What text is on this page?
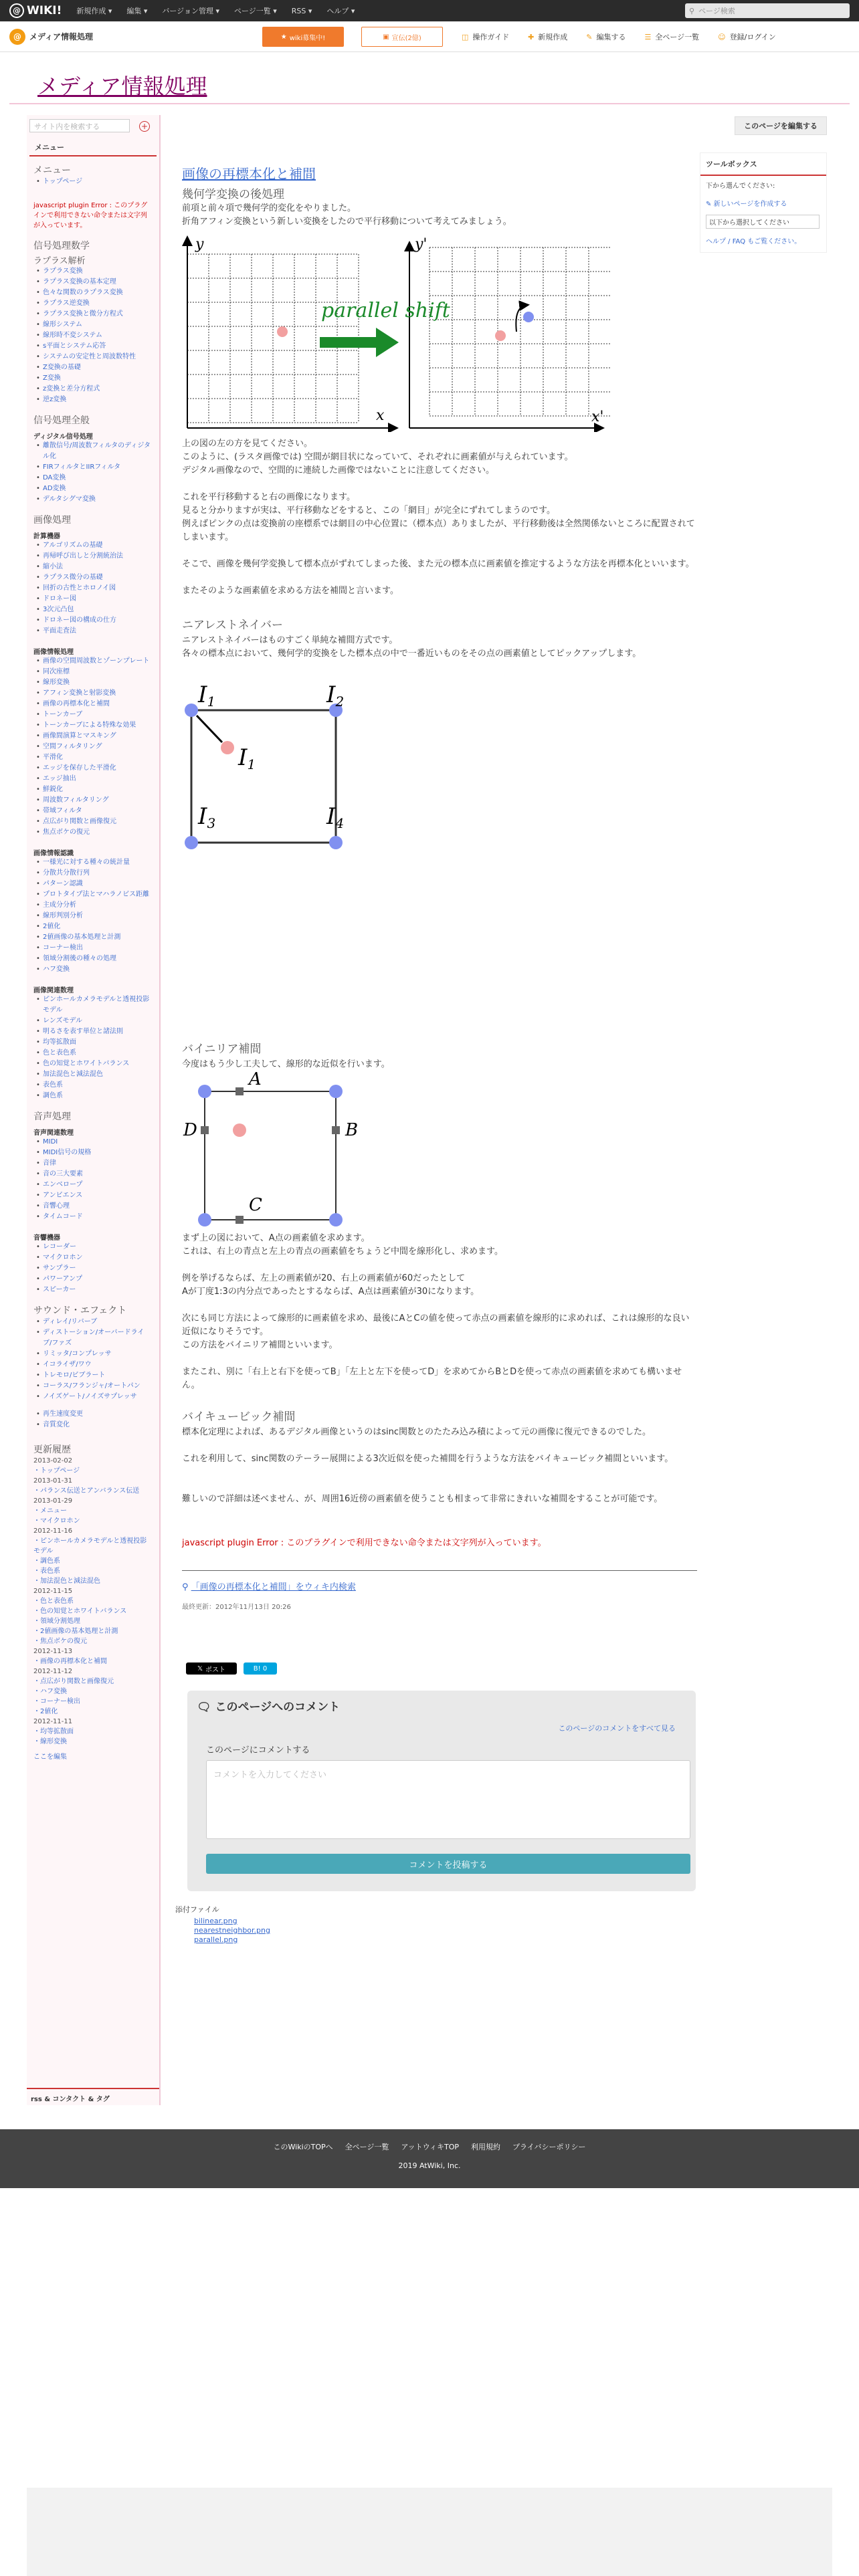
@ WIKI! 新規作成 ▾ 編集 ▾ バージョン管理 ▾ ページ一覧 ▾ RSS ▾ ヘルプ ▾	⚲ ページ検索
@	メディア情報処理	★ wiki募集中!	▣ 宣伝(2億)	◫ 操作ガイド	✚ 新規作成	✎ 編集する	☰ 全ページ一覧	☺ 登録/ログイン
メディア情報処理
このページを編集する
サイト内を検索する	+
メニュー
メニュー
• トップページ
javascript plugin Error : このプラグインで利用できない命令または文字列が入っています。
信号処理数学
ラプラス解析
• ラプラス変換
• ラプラス変換の基本定理
• 色々な関数のラプラス変換
• ラプラス逆変換
• ラプラス変換と微分方程式
• 線形システム
• 線形時不変システム
• s平面とシステム応答
• システムの安定性と周波数特性
• Z変換の基礎
• Z変換
• z変換と差分方程式
• 逆z変換
信号処理全般
ディジタル信号処理
• 離散信号/周波数フィルタのディジタル化
• FIRフィルタとIIRフィルタ
• DA変換
• AD変換
• デルタシグマ変換
画像処理
計算機器
• アルゴリズムの基礎
• 再帰呼び出しと分割統治法
• 縮小法
• ラプラス微分の基礎
• 回折の古性とホロノイ図
• ドロネー図
• 3次元凸包
• ドロネー図の構成の仕方
• 平面走査法
画像情報処理
• 画像の空間周波数とゾーンプレート
• 同次座標
• 線形変換
• アフィン変換と射影変換
• 画像の再標本化と補間
• トーンカーブ
• トーンカーブによる特殊な効果
• 画像間演算とマスキング
• 空間フィルタリング
• 平滑化
• エッジを保存した平滑化
• エッジ抽出
• 鮮鋭化
• 周波数フィルタリング
• 帯域フィルタ
• 点広がり関数と画像復元
• 焦点ボケの復元
画像情報認識
• 一様光に対する種々の統計量
• 分散共分散行列
• パターン認識
• プロトタイプ法とマハラノビス距離
• 主成分分析
• 線形判別分析
• 2値化
• 2値画像の基本処理と計測
• コーナー検出
• 領域分割後の種々の処理
• ハフ変換
画像関連数理
• ピンホールカメラモデルと透視投影モデル
• レンズモデル
• 明るさを表す単位と諸法則
• 均等拡散面
• 色と表色系
• 色の知覚とホワイトバランス
• 加法混色と減法混色
• 表色系
• 調色系
音声処理
音声関連数理
• MIDI
• MIDI信号の規格
• 音律
• 音の三大要素
• エンベロープ
• アンビエンス
• 音響心理
• タイムコード
音響機器
• レコーダー
• マイクロホン
• サンプラー
• パワーアンプ
• スピーカー
サウンド・エフェクト
• ディレイ/リバーブ
• ディストーション/オーバードライブ/ファズ
• リミッタ/コンプレッサ
• イコライザ/ワウ
• トレモロ/ビブラート
• コーラス/フランジャ/オートパン
• ノイズゲート/ノイズサプレッサ
• 再生速度変更
• 音質変化
更新履歴
2013-02-02
・トップページ
2013-01-31
・パランス伝送とアンバランス伝送
2013-01-29
・メニュー
・マイクロホン
2012-11-16
・ピンホールカメラモデルと透視投影モデル
・調色系
・表色系
・加法混色と減法混色
2012-11-15
・色と表色系
・色の知覚とホワイトバランス
・領域分割処理
・2値画像の基本処理と計測
・焦点ボケの復元
2012-11-13
・画像の再標本化と補間
2012-11-12
・点広がり関数と画像復元
・ハフ変換
・コーナー検出
・2値化
2012-11-11
・均等拡散面
・線形変換
ここを編集
rss & コンタクト & タグ
ツールボックス
下から選んでください:
✎ 新しいページを作成する
以下から選択してください
ヘルプ / FAQ もご覧ください。
画像の再標本化と補間
幾何学変換の後処理
前項と前々項で幾何学的変化をやりました。
折角アフィン変換という新しい変換をしたので平行移動について考えてみましょう。
y
x
y'
x'
parallel shift
上の図の左の方を見てください。
このように、(ラスタ画像では) 空間が網目状になっていて、それぞれに画素値が与えられています。
デジタル画像なので、空間的に連続した画像ではないことに注意してください。
これを平行移動すると右の画像になります。
見ると分かりますが実は、平行移動などをすると、この「網目」が完全にずれてしまうのです。
例えばピンクの点は変換前の座標系では網目の中心位置に（標本点）ありましたが、平行移動後は全然関係ないところに配置されてしまいます。
そこで、画像を幾何学変換して標本点がずれてしまった後、また元の標本点に画素値を推定するような方法を再標本化といいます。
またそのような画素値を求める方法を補間と言います。
ニアレストネイバー
ニアレストネイバーはものすごく単純な補間方式です。
各々の標本点において、幾何学的変換をした標本点の中で一番近いものをその点の画素値としてピックアップします。
I1	I2
I1
I3	I4
バイニリア補間
今度はもう少し工夫して、線形的な近似を行います。
A
B
C
D
まず上の図において、A点の画素値を求めます。
これは、右上の青点と左上の青点の画素値をちょうど中間を線形化し、求めます。
例を挙げるならば、左上の画素値が20、右上の画素値が60だったとして
Aが丁度1:3の内分点であったとするならば、A点は画素値が30になります。
次にも同じ方法によって線形的に画素値を求め、最後にAとCの値を使って赤点の画素値を線形的に求めれば、これは線形的な良い近似になりそうです。
この方法をバイニリア補間といいます。
またこれ、別に「右上と右下を使ってB」「左上と左下を使ってD」を求めてからBとDを使って赤点の画素値を求めても構いません。
バイキュービック補間
標本化定理によれば、あるデジタル画像というのはsinc関数とのたたみ込み積によって元の画像に復元できるのでした。
これを利用して、sinc関数のテーラー展開による3次近似を使った補間を行うような方法をバイキュービック補間といいます。
難しいので詳細は述べません、が、周囲16近傍の画素値を使うことも相まって非常にきれいな補間をすることが可能です。
javascript plugin Error : このプラグインで利用できない命令または文字列が入っています。
⚲ 「画像の再標本化と補間」をウィキ内検索
最終更新：2012年11月13日 20:26
𝕏 ポスト	B! 0
🗨 このページへのコメント
このページのコメントをすべて見る
このページにコメントする
コメントを入力してください
コメントを投稿する
添付ファイル
bilinear.png
nearestneighbor.png
parallel.png
このWikiのTOPへ 全ページ一覧 アットウィキTOP 利用規約 プライバシーポリシー
2019 AtWiki, Inc.
